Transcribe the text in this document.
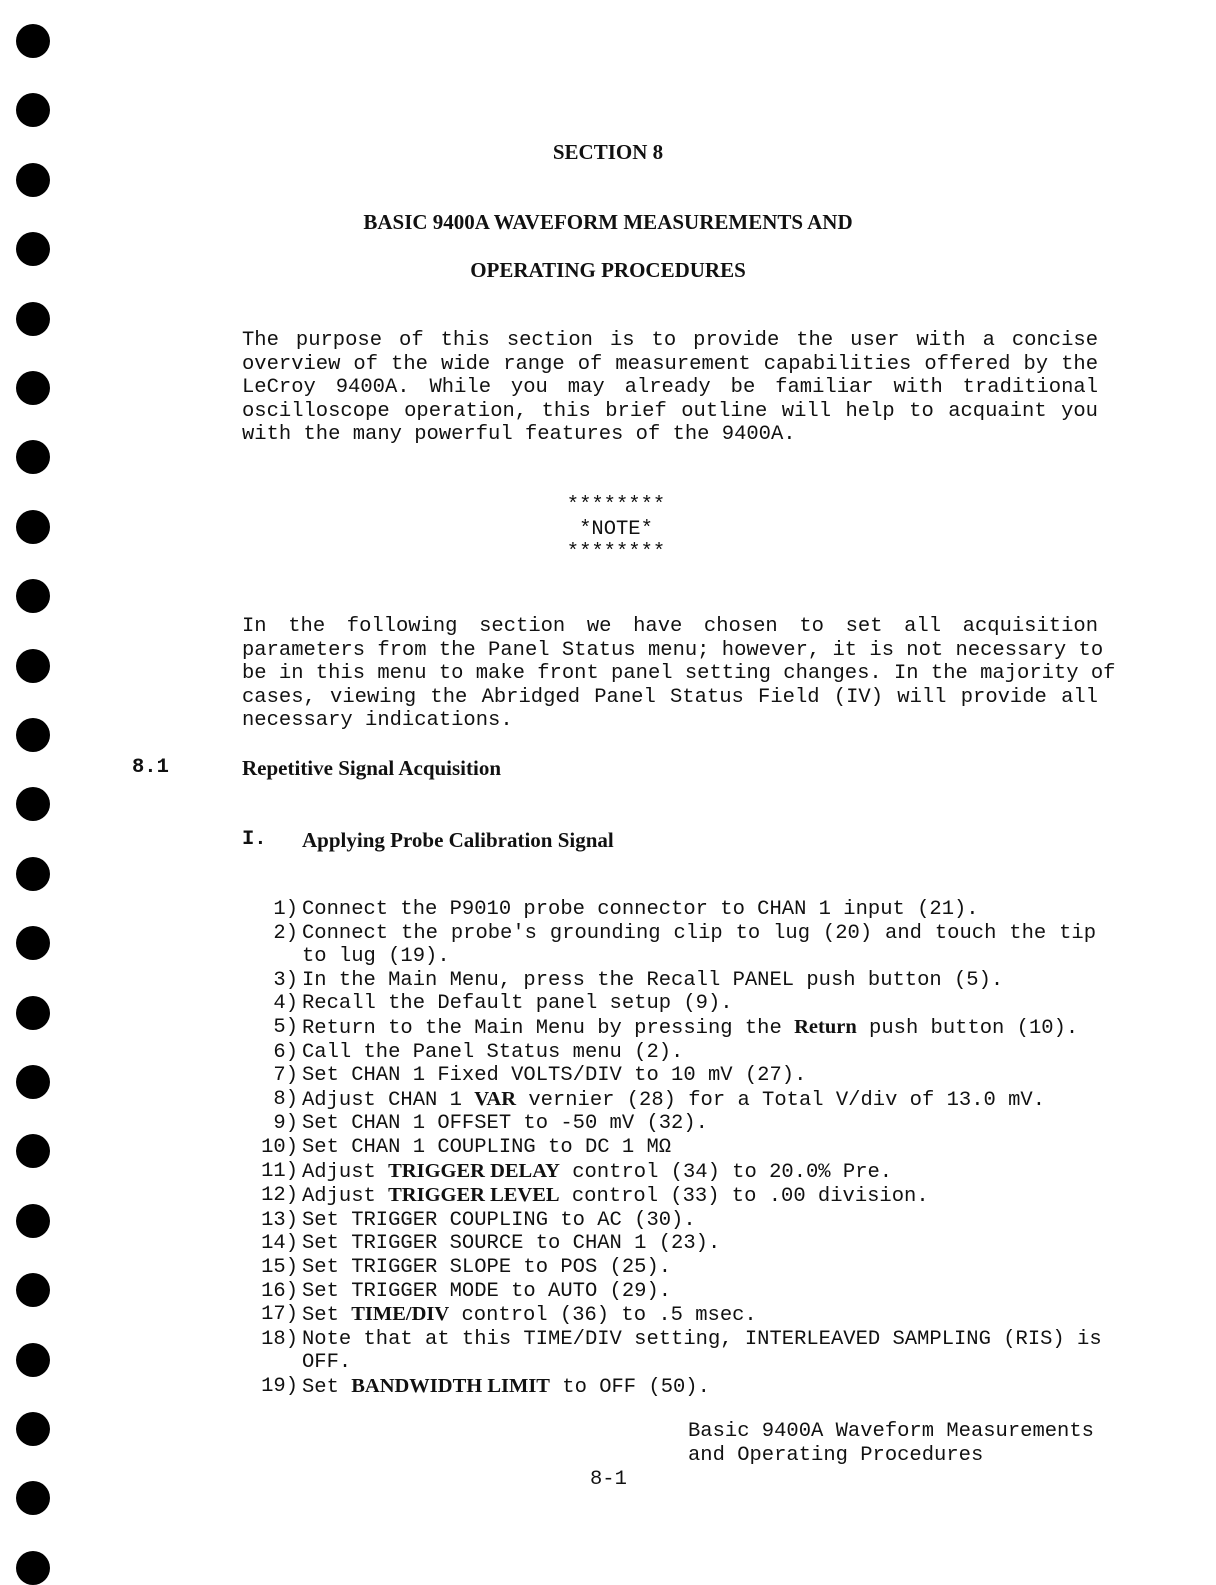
SECTION 8
BASIC 9400A WAVEFORM MEASUREMENTS AND
OPERATING PROCEDURES
The purpose of this section is to provide the user with a concise
overview of the wide range of measurement capabilities offered by the
LeCroy 9400A. While you may already be familiar with traditional
oscilloscope operation, this brief outline will help to acquaint you
with the many powerful features of the 9400A.
********
*NOTE*
********
In the following section we have chosen to set all acquisition
parameters from the Panel Status menu; however, it is not necessary to
be in this menu to make front panel setting changes. In the majority of
cases, viewing the Abridged Panel Status Field (IV) will provide all
necessary indications.
8.1	Repetitive Signal Acquisition
I. Applying Probe Calibration Signal
1) Connect the P9010 probe connector to CHAN 1 input (21).
2) Connect the probe's grounding clip to lug (20) and touch the tip
to lug (19).
3) In the Main Menu, press the Recall PANEL push button (5).
4) Recall the Default panel setup (9).
5) Return to the Main Menu by pressing the Return push button (10).
6) Call the Panel Status menu (2).
7) Set CHAN 1 Fixed VOLTS/DIV to 10 mV (27).
8) Adjust CHAN 1 VAR vernier (28) for a Total V/div of 13.0 mV.
9) Set CHAN 1 OFFSET to -50 mV (32).
10) Set CHAN 1 COUPLING to DC 1 MΩ
11) Adjust TRIGGER DELAY control (34) to 20.0% Pre.
12) Adjust TRIGGER LEVEL control (33) to .00 division.
13) Set TRIGGER COUPLING to AC (30).
14) Set TRIGGER SOURCE to CHAN 1 (23).
15) Set TRIGGER SLOPE to POS (25).
16) Set TRIGGER MODE to AUTO (29).
17) Set TIME/DIV control (36) to .5 msec.
18) Note that at this TIME/DIV setting, INTERLEAVED SAMPLING (RIS) is
OFF.
19) Set BANDWIDTH LIMIT to OFF (50).
Basic 9400A Waveform Measurements
and Operating Procedures
8-1
